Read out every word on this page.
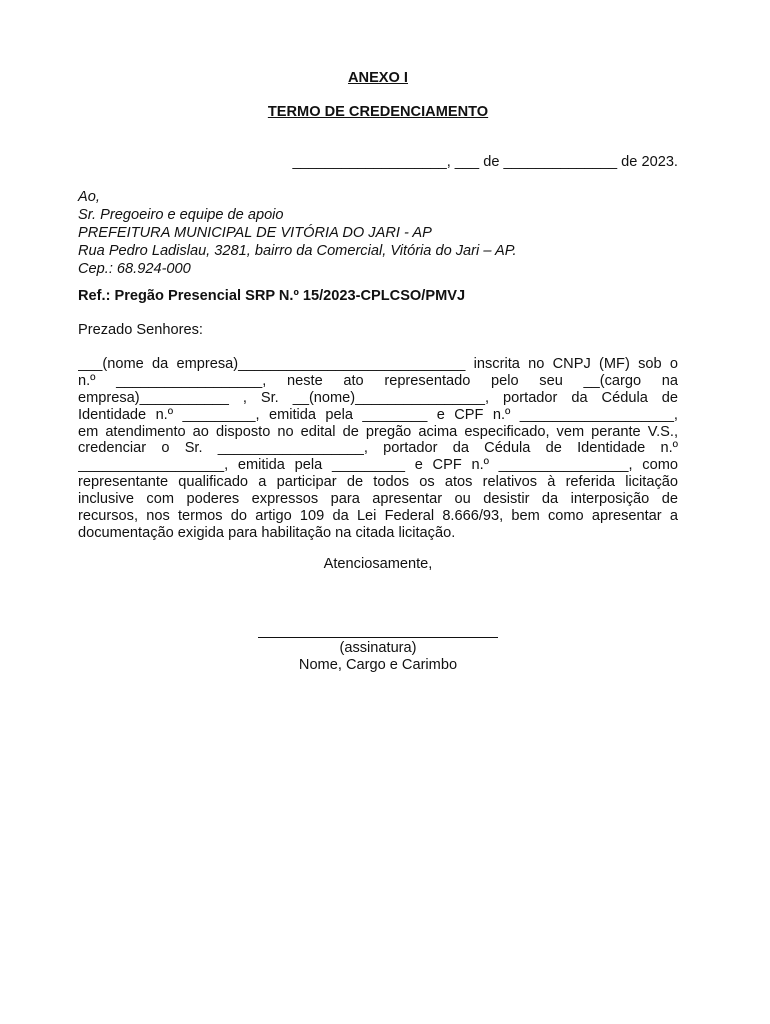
ANEXO I
TERMO DE CREDENCIAMENTO
___________________, ___ de ______________ de 2023.
Ao,
Sr. Pregoeiro e equipe de apoio
PREFEITURA MUNICIPAL DE VITÓRIA DO JARI - AP
Rua Pedro Ladislau, 3281, bairro da Comercial, Vitória do Jari – AP.
Cep.: 68.924-000
Ref.: Pregão Presencial SRP N.º 15/2023-CPLCSO/PMVJ
Prezado Senhores:
___(nome da empresa)____________________________ inscrita no CNPJ (MF) sob o
n.º __________________, neste ato representado pelo seu __(cargo na
empresa)___________ , Sr. __(nome)________________, portador da Cédula de
Identidade n.º _________, emitida pela ________ e CPF n.º ___________________,
em atendimento ao disposto no edital de pregão acima especificado, vem perante V.S.,
credenciar o Sr. __________________, portador da Cédula de Identidade n.º
__________________, emitida pela _________ e CPF n.º ________________, como
representante qualificado a participar de todos os atos relativos à referida licitação
inclusive com poderes expressos para apresentar ou desistir da interposição de
recursos, nos termos do artigo 109 da Lei Federal 8.666/93, bem como apresentar a
documentação exigida para habilitação na citada licitação.
Atenciosamente,
(assinatura)
Nome, Cargo e Carimbo
